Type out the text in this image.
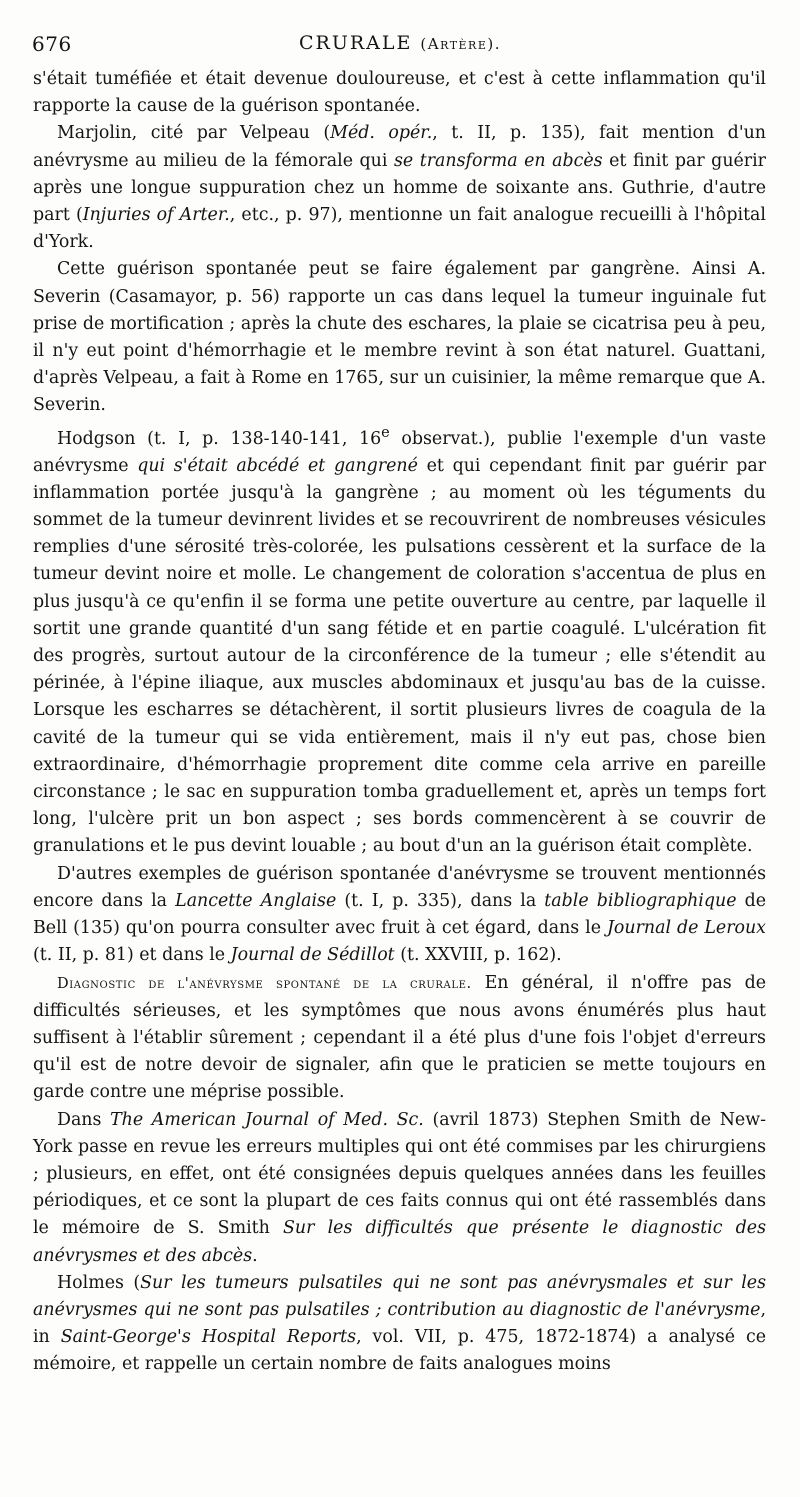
676	CRURALE (Artère).

s'était tuméfiée et était devenue douloureuse, et c'est à cette inflammation qu'il rapporte la cause de la guérison spontanée.

Marjolin, cité par Velpeau (Méd. opér., t. II, p. 135), fait mention d'un anévrysme au milieu de la fémorale qui se transforma en abcès et finit par guérir après une longue suppuration chez un homme de soixante ans. Guthrie, d'autre part (Injuries of Arter., etc., p. 97), mentionne un fait analogue recueilli à l'hôpital d'York.

Cette guérison spontanée peut se faire également par gangrène. Ainsi A. Severin (Casamayor, p. 56) rapporte un cas dans lequel la tumeur inguinale fut prise de mortification ; après la chute des eschares, la plaie se cicatrisa peu à peu, il n'y eut point d'hémorrhagie et le membre revint à son état naturel. Guattani, d'après Velpeau, a fait à Rome en 1765, sur un cuisinier, la même remarque que A. Severin.

Hodgson (t. I, p. 138-140-141, 16e observat.), publie l'exemple d'un vaste anévrysme qui s'était abcédé et gangrené et qui cependant finit par guérir par inflammation portée jusqu'à la gangrène ; au moment où les téguments du sommet de la tumeur devinrent livides et se recouvrirent de nombreuses vésicules remplies d'une sérosité très-colorée, les pulsations cessèrent et la surface de la tumeur devint noire et molle. Le changement de coloration s'accentua de plus en plus jusqu'à ce qu'enfin il se forma une petite ouverture au centre, par laquelle il sortit une grande quantité d'un sang fétide et en partie coagulé. L'ulcération fit des progrès, surtout autour de la circonférence de la tumeur ; elle s'étendit au périnée, à l'épine iliaque, aux muscles abdominaux et jusqu'au bas de la cuisse. Lorsque les escharres se détachèrent, il sortit plusieurs livres de coagula de la cavité de la tumeur qui se vida entièrement, mais il n'y eut pas, chose bien extraordinaire, d'hémorrhagie proprement dite comme cela arrive en pareille circonstance ; le sac en suppuration tomba graduellement et, après un temps fort long, l'ulcère prit un bon aspect ; ses bords commencèrent à se couvrir de granulations et le pus devint louable ; au bout d'un an la guérison était complète.

D'autres exemples de guérison spontanée d'anévrysme se trouvent mentionnés encore dans la Lancette Anglaise (t. I, p. 335), dans la table bibliographique de Bell (135) qu'on pourra consulter avec fruit à cet égard, dans le Journal de Leroux (t. II, p. 81) et dans le Journal de Sédillot (t. XXVIII, p. 162).

Diagnostic de l'anévrysme spontané de la crurale. En général, il n'offre pas de difficultés sérieuses, et les symptômes que nous avons énumérés plus haut suffisent à l'établir sûrement ; cependant il a été plus d'une fois l'objet d'erreurs qu'il est de notre devoir de signaler, afin que le praticien se mette toujours en garde contre une méprise possible.

Dans The American Journal of Med. Sc. (avril 1873) Stephen Smith de New-York passe en revue les erreurs multiples qui ont été commises par les chirurgiens ; plusieurs, en effet, ont été consignées depuis quelques années dans les feuilles périodiques, et ce sont la plupart de ces faits connus qui ont été rassemblés dans le mémoire de S. Smith Sur les difficultés que présente le diagnostic des anévrysmes et des abcès.

Holmes (Sur les tumeurs pulsatiles qui ne sont pas anévrysmales et sur les anévrysmes qui ne sont pas pulsatiles ; contribution au diagnostic de l'anévrysme, in Saint-George's Hospital Reports, vol. VII, p. 475, 1872-1874) a analysé ce mémoire, et rappelle un certain nombre de faits analogues moins
